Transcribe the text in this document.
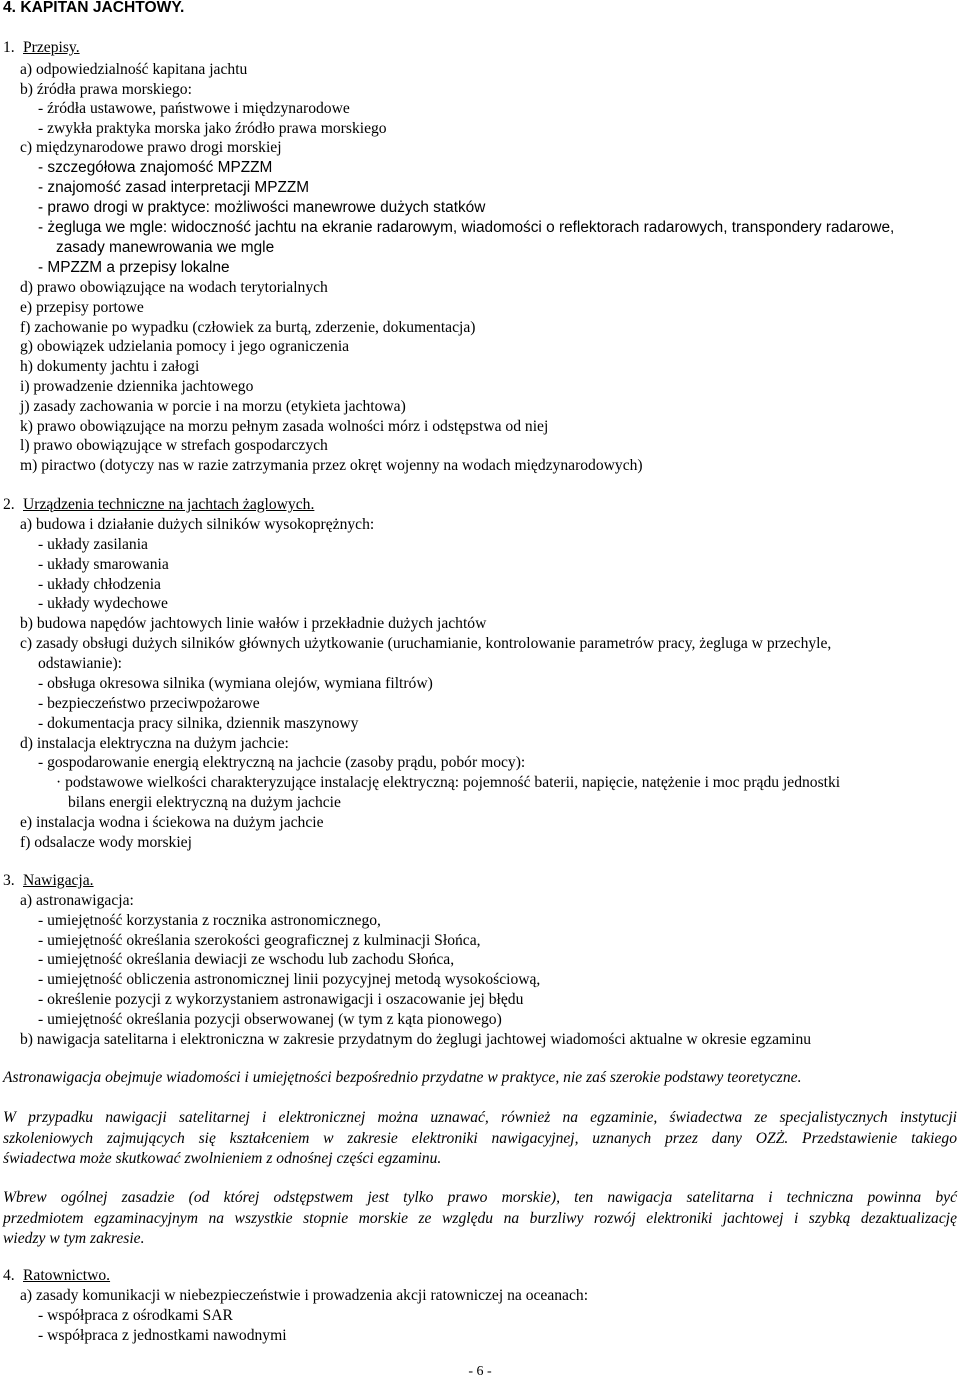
4. KAPITAN JACHTOWY.
1. Przepisy.
a) odpowiedzialność kapitana jachtu
b) źródła prawa morskiego:
- źródła ustawowe, państwowe i międzynarodowe
- zwykła praktyka morska jako źródło prawa morskiego
c) międzynarodowe prawo drogi morskiej
- szczegółowa znajomość MPZZM
- znajomość zasad interpretacji MPZZM
- prawo drogi w praktyce: możliwości manewrowe dużych statków
- żegluga we mgle: widoczność jachtu na ekranie radarowym, wiadomości o reflektorach radarowych, transpondery radarowe,
zasady manewrowania we mgle
- MPZZM a przepisy lokalne
d) prawo obowiązujące na wodach terytorialnych
e) przepisy portowe
f) zachowanie po wypadku (człowiek za burtą, zderzenie, dokumentacja)
g) obowiązek udzielania pomocy i jego ograniczenia
h) dokumenty jachtu i załogi
i) prowadzenie dziennika jachtowego
j) zasady zachowania w porcie i na morzu (etykieta jachtowa)
k) prawo obowiązujące na morzu pełnym zasada wolności mórz i odstępstwa od niej
l) prawo obowiązujące w strefach gospodarczych
m) piractwo (dotyczy nas w razie zatrzymania przez okręt wojenny na wodach międzynarodowych)
2. Urządzenia techniczne na jachtach żaglowych.
a) budowa i działanie dużych silników wysokoprężnych:
- układy zasilania
- układy smarowania
- układy chłodzenia
- układy wydechowe
b) budowa napędów jachtowych linie wałów i przekładnie dużych jachtów
c) zasady obsługi dużych silników głównych użytkowanie (uruchamianie, kontrolowanie parametrów pracy, żegluga w przechyle,
odstawianie):
- obsługa okresowa silnika (wymiana olejów, wymiana filtrów)
- bezpieczeństwo przeciwpożarowe
- dokumentacja pracy silnika, dziennik maszynowy
d) instalacja elektryczna na dużym jachcie:
- gospodarowanie energią elektryczną na jachcie (zasoby prądu, pobór mocy):
· podstawowe wielkości charakteryzujące instalację elektryczną: pojemność baterii, napięcie, natężenie i moc prądu jednostki
bilans energii elektryczną na dużym jachcie
e) instalacja wodna i ściekowa na dużym jachcie
f) odsalacze wody morskiej
3. Nawigacja.
a) astronawigacja:
- umiejętność korzystania z rocznika astronomicznego,
- umiejętność określania szerokości geograficznej z kulminacji Słońca,
- umiejętność określania dewiacji ze wschodu lub zachodu Słońca,
- umiejętność obliczenia astronomicznej linii pozycyjnej metodą wysokościową,
- określenie pozycji z wykorzystaniem astronawigacji i oszacowanie jej błędu
- umiejętność określania pozycji obserwowanej (w tym z kąta pionowego)
b) nawigacja satelitarna i elektroniczna w zakresie przydatnym do żeglugi jachtowej wiadomości aktualne w okresie egzaminu
Astronawigacja obejmuje wiadomości i umiejętności bezpośrednio przydatne w praktyce, nie zaś szerokie podstawy teoretyczne.
W przypadku nawigacji satelitarnej i elektronicznej można uznawać, również na egzaminie, świadectwa ze specjalistycznych instytucji
szkoleniowych zajmujących się kształceniem w zakresie elektroniki nawigacyjnej, uznanych przez dany OZŻ. Przedstawienie takiego
świadectwa może skutkować zwolnieniem z odnośnej części egzaminu.
Wbrew ogólnej zasadzie (od której odstępstwem jest tylko prawo morskie), ten nawigacja satelitarna i techniczna powinna być
przedmiotem egzaminacyjnym na wszystkie stopnie morskie ze względu na burzliwy rozwój elektroniki jachtowej i szybką dezaktualizację
wiedzy w tym zakresie.
4. Ratownictwo.
a) zasady komunikacji w niebezpieczeństwie i prowadzenia akcji ratowniczej na oceanach:
- współpraca z ośrodkami SAR
- współpraca z jednostkami nawodnymi
- 6 -
